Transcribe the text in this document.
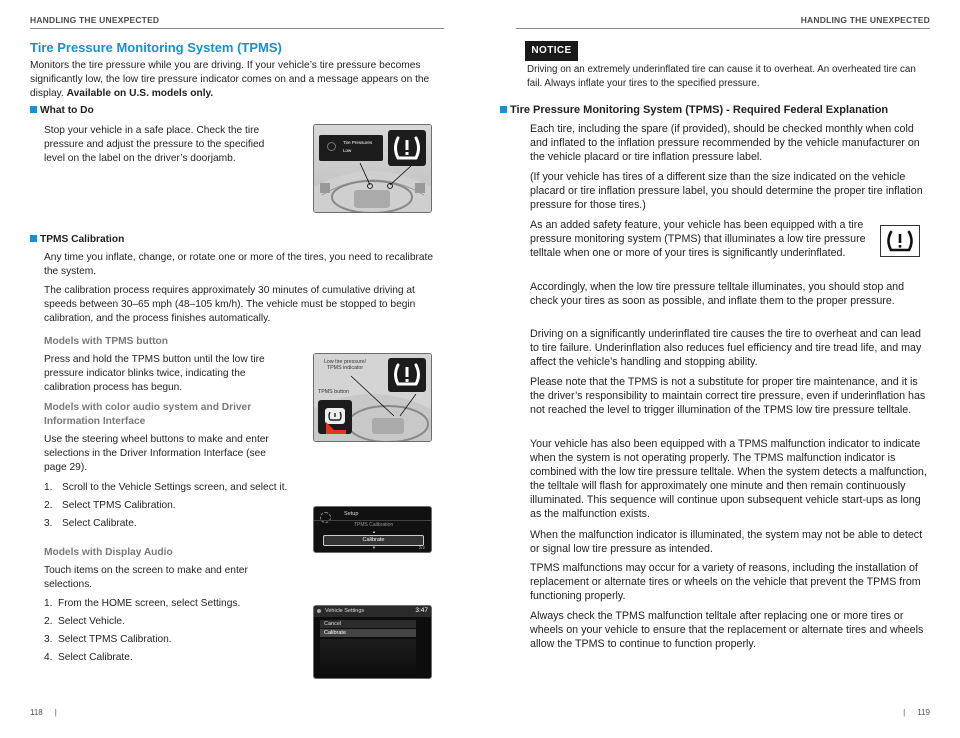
HANDLING THE UNEXPECTED
Tire Pressure Monitoring System (TPMS)
Monitors the tire pressure while you are driving. If your vehicle’s tire pressure becomes significantly low, the low tire pressure indicator comes on and a message appears on the display. Available on U.S. models only.
What to Do
Stop your vehicle in a safe place. Check the tire pressure and adjust the pressure to the specified level on the label on the driver’s doorjamb.
Tire Pressures
Low
TPMS Calibration
Any time you inflate, change, or rotate one or more of the tires, you need to recalibrate the system.
The calibration process requires approximately 30 minutes of cumulative driving at speeds between 30–65 mph (48–105 km/h). The vehicle must be stopped to begin calibration, and the process finishes automatically.
Models with TPMS button
Press and hold the TPMS button until the low tire pressure indicator blinks twice, indicating the calibration process has begun.
Low tire pressure/ TPMS indicator
TPMS button
Models with color audio system and Driver Information Interface
Use the steering wheel buttons to make and enter selections in the Driver Information Interface (see page 29).
1. Scroll to the Vehicle Settings screen, and select it.
2. Select TPMS Calibration.
3. Select Calibrate.
Setup
TPMS Calibration
▲
Calibrate
▼	2/2
Models with Display Audio
Touch items on the screen to make and enter selections.
1. From the HOME screen, select Settings.
2. Select Vehicle.
3. Select TPMS Calibration.
4. Select Calibrate.
Vehicle Settings	3:47
Cancel
Calibrate
118 |
HANDLING THE UNEXPECTED
NOTICE
Driving on an extremely underinflated tire can cause it to overheat. An overheated tire can fail. Always inflate your tires to the specified pressure.
Tire Pressure Monitoring System (TPMS) - Required Federal Explanation
Each tire, including the spare (if provided), should be checked monthly when cold and inflated to the inflation pressure recommended by the vehicle manufacturer on the vehicle placard or tire inflation pressure label.
(If your vehicle has tires of a different size than the size indicated on the vehicle placard or tire inflation pressure label, you should determine the proper tire inflation pressure for those tires.)
As an added safety feature, your vehicle has been equipped with a tire pressure monitoring system (TPMS) that illuminates a low tire pressure telltale when one or more of your tires is significantly underinflated.
Accordingly, when the low tire pressure telltale illuminates, you should stop and check your tires as soon as possible, and inflate them to the proper pressure.
Driving on a significantly underinflated tire causes the tire to overheat and can lead to tire failure. Underinflation also reduces fuel efficiency and tire tread life, and may affect the vehicle’s handling and stopping ability.
Please note that the TPMS is not a substitute for proper tire maintenance, and it is the driver’s responsibility to maintain correct tire pressure, even if underinflation has not reached the level to trigger illumination of the TPMS low tire pressure telltale.
Your vehicle has also been equipped with a TPMS malfunction indicator to indicate when the system is not operating properly. The TPMS malfunction indicator is combined with the low tire pressure telltale. When the system detects a malfunction, the telltale will flash for approximately one minute and then remain continuously illuminated. This sequence will continue upon subsequent vehicle start-ups as long as the malfunction exists.
When the malfunction indicator is illuminated, the system may not be able to detect or signal low tire pressure as intended.
TPMS malfunctions may occur for a variety of reasons, including the installation of replacement or alternate tires or wheels on the vehicle that prevent the TPMS from functioning properly.
Always check the TPMS malfunction telltale after replacing one or more tires or wheels on your vehicle to ensure that the replacement or alternate tires and wheels allow the TPMS to continue to function properly.
| 119
